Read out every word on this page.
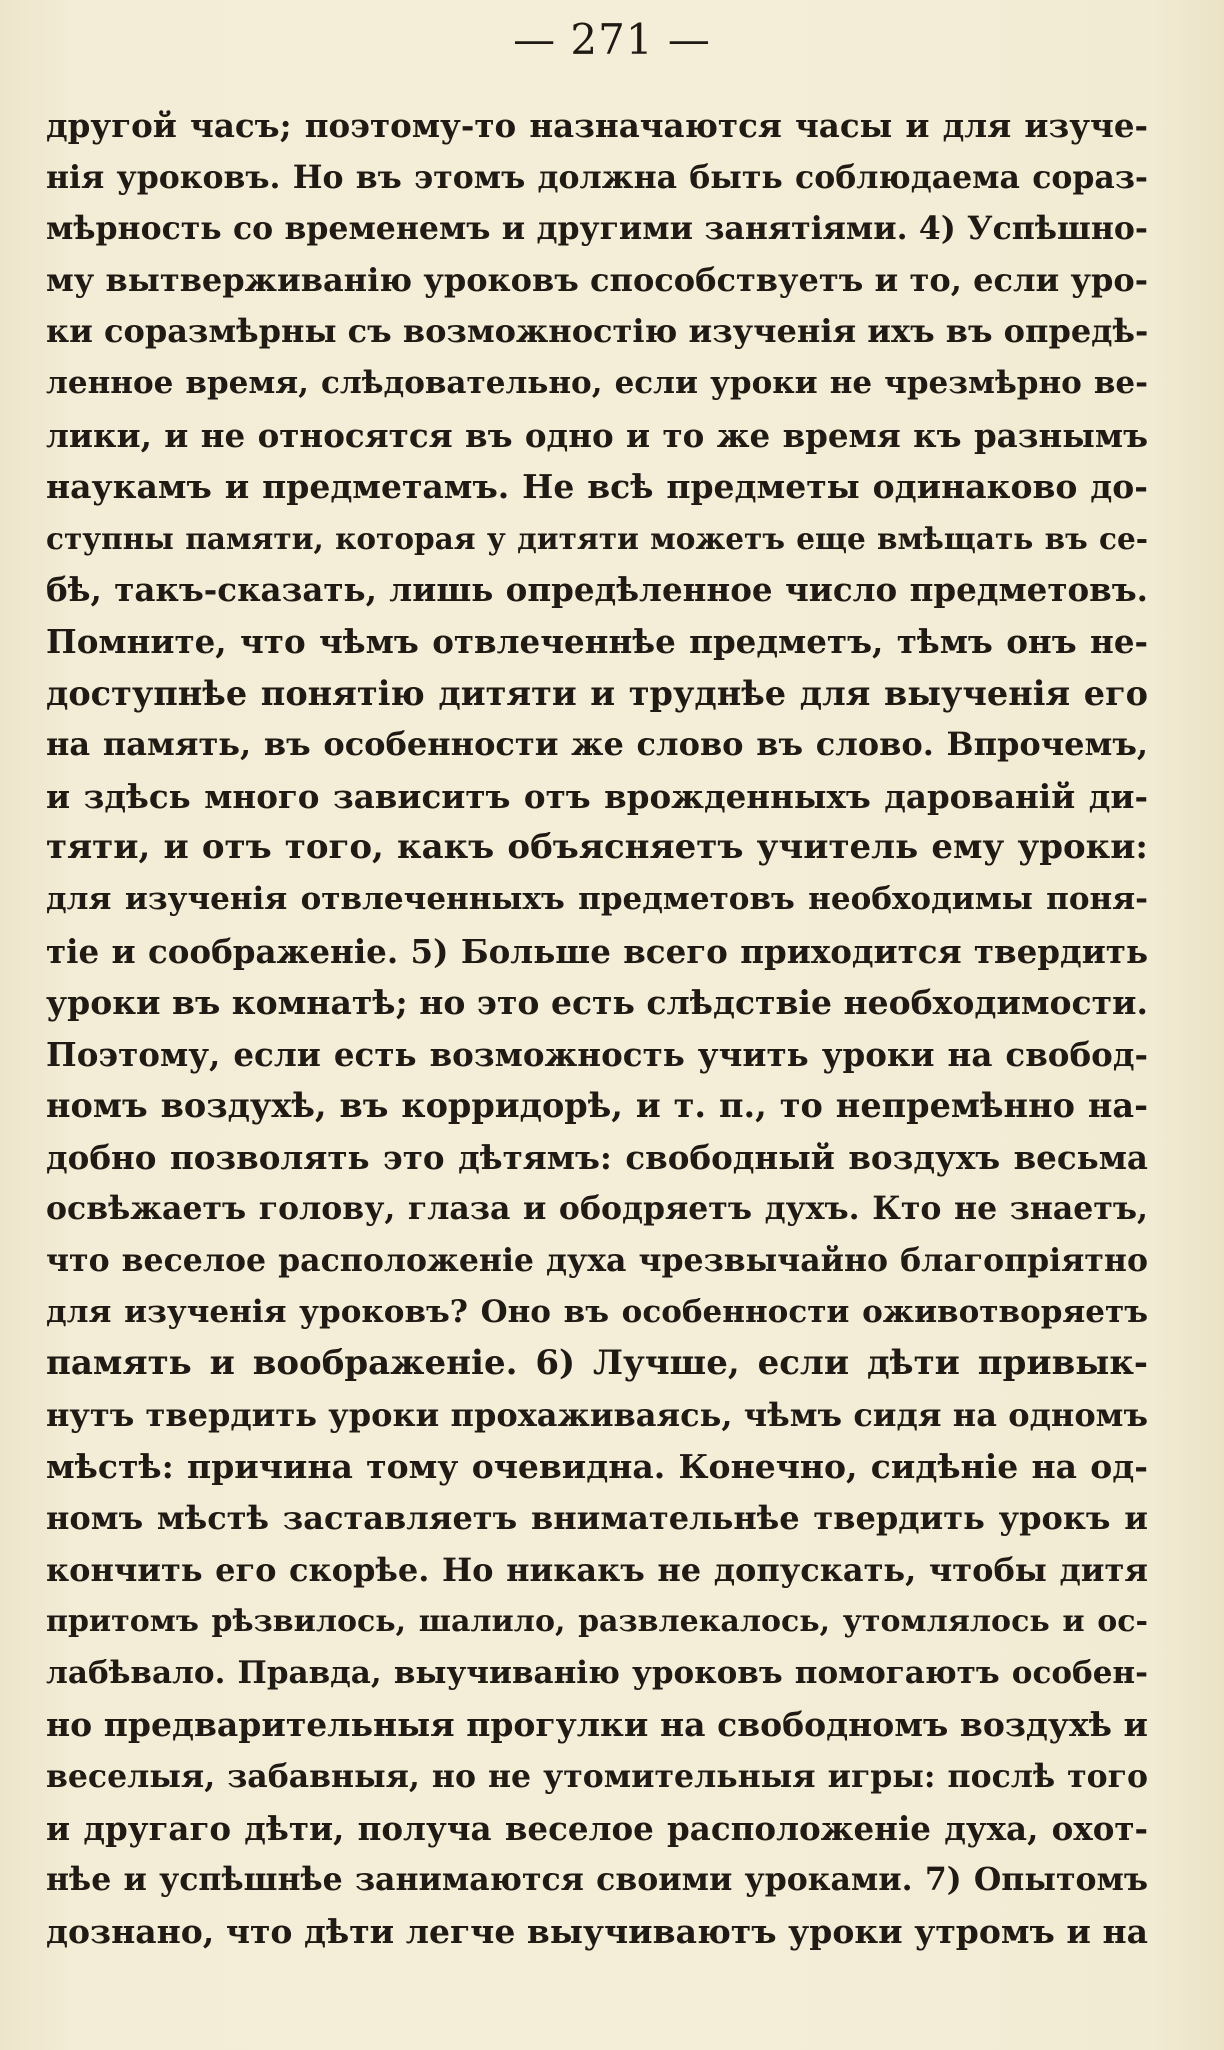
— 271 —
другой часъ; поэтому-то назначаются часы и для изуче-
нія уроковъ. Но въ этомъ должна быть соблюдаема сораз-
мѣрность со временемъ и другими занятіями. 4) Успѣшно-
му вытверживанію уроковъ способствуетъ и то, если уро-
ки соразмѣрны съ возможностію изученія ихъ въ опредѣ-
ленное время, слѣдовательно, если уроки не чрезмѣрно ве-
лики, и не относятся въ одно и то же время къ разнымъ
наукамъ и предметамъ. Не всѣ предметы одинаково до-
ступны памяти, которая у дитяти можетъ еще вмѣщать въ се-
бѣ, такъ-сказать, лишь опредѣленное число предметовъ.
Помните, что чѣмъ отвлеченнѣе предметъ, тѣмъ онъ не-
доступнѣе понятію дитяти и труднѣе для выученія его
на память, въ особенности же слово въ слово. Впрочемъ,
и здѣсь много зависитъ отъ врожденныхъ дарованій ди-
тяти, и отъ того, какъ объясняетъ учитель ему уроки:
для изученія отвлеченныхъ предметовъ необходимы поня-
тіе и соображеніе. 5) Больше всего приходится твердить
уроки въ комнатѣ; но это есть слѣдствіе необходимости.
Поэтому, если есть возможность учить уроки на свобод-
номъ воздухѣ, въ корридорѣ, и т. п., то непремѣнно на-
добно позволять это дѣтямъ: свободный воздухъ весьма
освѣжаетъ голову, глаза и ободряетъ духъ. Кто не знаетъ,
что веселое расположеніе духа чрезвычайно благопріятно
для изученія уроковъ? Оно въ особенности оживотворяетъ
память и воображеніе. 6) Лучше, если дѣти привык-
нутъ твердить уроки прохаживаясь, чѣмъ сидя на одномъ
мѣстѣ: причина тому очевидна. Конечно, сидѣніе на од-
номъ мѣстѣ заставляетъ внимательнѣе твердить урокъ и
кончить его скорѣе. Но никакъ не допускать, чтобы дитя
притомъ рѣзвилось, шалило, развлекалось, утомлялось и ос-
лабѣвало. Правда, выучиванію уроковъ помогаютъ особен-
но предварительныя прогулки на свободномъ воздухѣ и
веселыя, забавныя, но не утомительныя игры: послѣ того
и другаго дѣти, получа веселое расположеніе духа, охот-
нѣе и успѣшнѣе занимаются своими уроками. 7) Опытомъ
дознано, что дѣти легче выучиваютъ уроки утромъ и на
